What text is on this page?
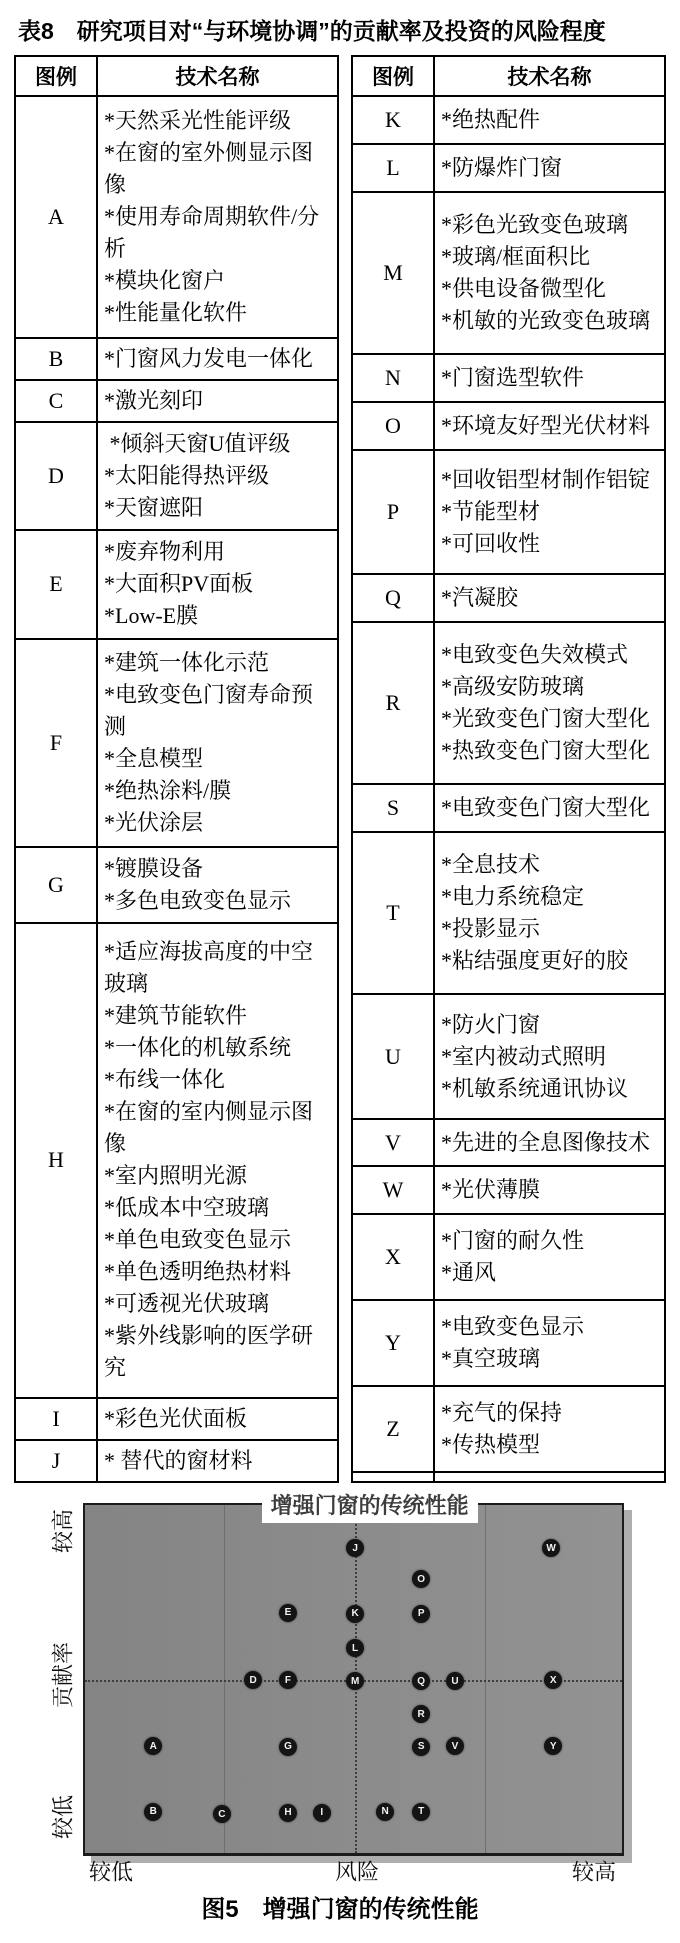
表8　研究项目对“与环境协调”的贡献率及投资的风险程度
图例	技术名称
A	*天然采光性能评级
*在窗的室外侧显示图像
*使用寿命周期软件/分析
*模块化窗户
*性能量化软件

B	*门窗风力发电一体化

C	*激光刻印

D	*倾斜天窗U值评级
*太阳能得热评级
*天窗遮阳

E	*废弃物利用
*大面积PV面板
*Low-E膜

F	*建筑一体化示范
*电致变色门窗寿命预测
*全息模型
*绝热涂料/膜
*光伏涂层

G	*镀膜设备
*多色电致变色显示

H	
*适应海拔高度的中空玻璃
*建筑节能软件
*一体化的机敏系统
*布线一体化
*在窗的室内侧显示图像
*室内照明光源
*低成本中空玻璃
*单色电致变色显示
*单色透明绝热材料
*可透视光伏玻璃
*紫外线影响的医学研究

I	*彩色光伏面板

J	* 替代的窗材料
图例	技术名称
K	*绝热配件

L	*防爆炸门窗

M	*彩色光致变色玻璃
*玻璃/框面积比
*供电设备微型化
*机敏的光致变色玻璃

N	*门窗选型软件

O	*环境友好型光伏材料

P	*回收铝型材制作铝锭
*节能型材
*可回收性

Q	*汽凝胶

R	*电致变色失效模式
*高级安防玻璃
*光致变色门窗大型化
*热致变色门窗大型化

S	*电致变色门窗大型化

T	*全息技术
*电力系统稳定
*投影显示
*粘结强度更好的胶

U	*防火门窗
*室内被动式照明
*机敏系统通讯协议

V	*先进的全息图像技术

W	*光伏薄膜

X	*门窗的耐久性
*通风

Y	*电致变色显示
*真空玻璃

Z	*充气的保持
*传热模型

增强门窗的传统性能
A
B	C
D
E
F
G
H	I
J
K
L
M
N
O
P
Q
R
S
T
U
V
W
X
Y
较高
贡献率
较低
较低	风险	较高
图5　增强门窗的传统性能
